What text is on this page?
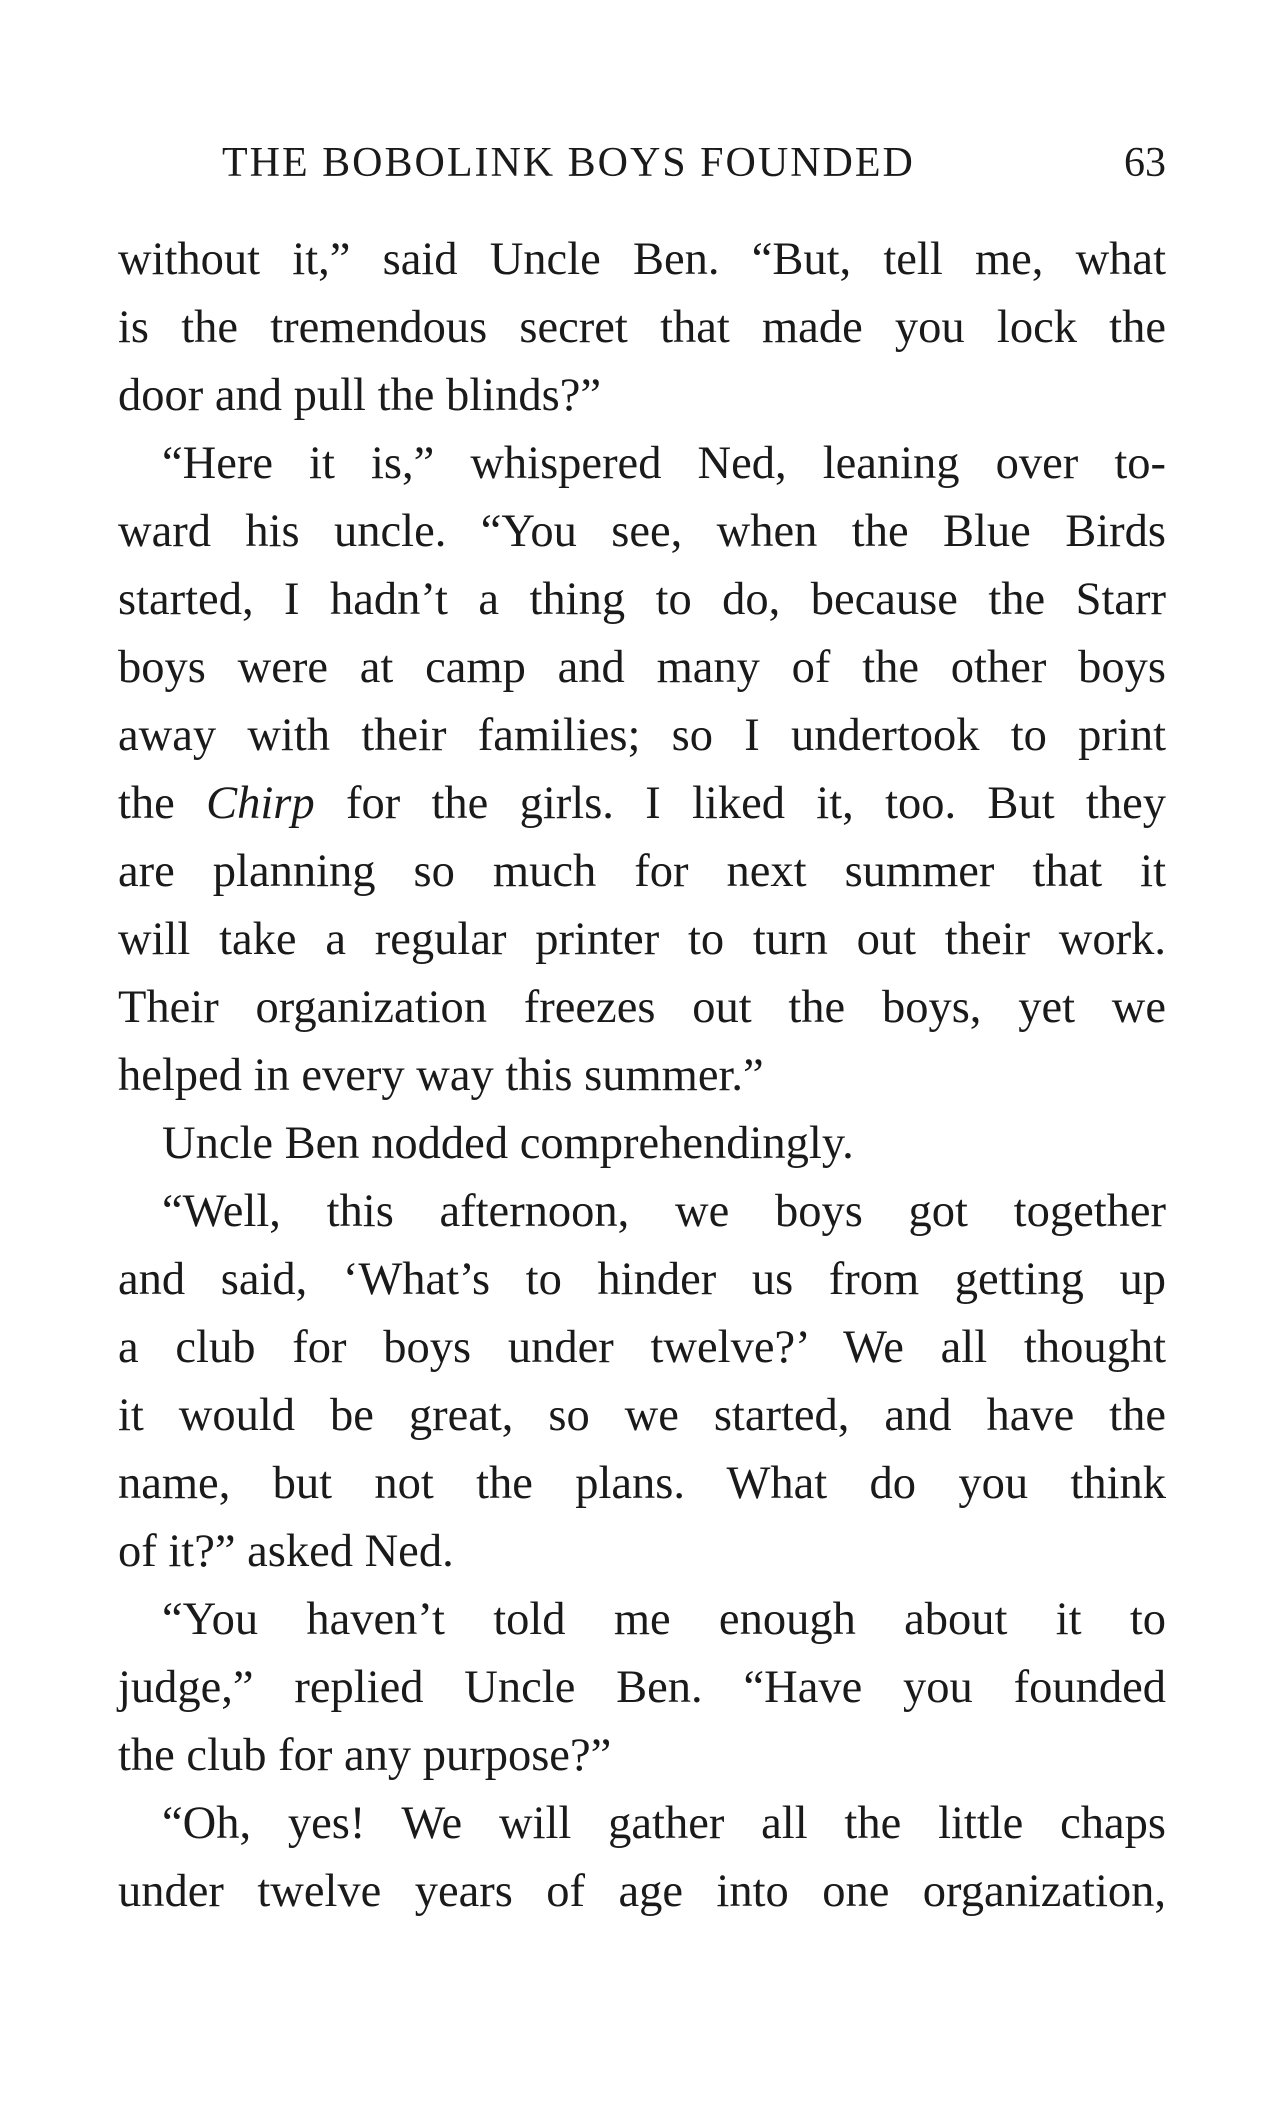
THE BOBOLINK BOYS FOUNDED	63
without it,” said Uncle Ben. “But, tell me, what
is the tremendous secret that made you lock the
door and pull the blinds?”
“Here it is,” whispered Ned, leaning over to-
ward his uncle. “You see, when the Blue Birds
started, I hadn’t a thing to do, because the Starr
boys were at camp and many of the other boys
away with their families; so I undertook to print
the Chirp for the girls. I liked it, too. But they
are planning so much for next summer that it
will take a regular printer to turn out their work.
Their organization freezes out the boys, yet we
helped in every way this summer.”
Uncle Ben nodded comprehendingly.
“Well, this afternoon, we boys got together
and said, ‘What’s to hinder us from getting up
a club for boys under twelve?’ We all thought
it would be great, so we started, and have the
name, but not the plans. What do you think
of it?” asked Ned.
“You haven’t told me enough about it to
judge,” replied Uncle Ben. “Have you founded
the club for any purpose?”
“Oh, yes! We will gather all the little chaps
under twelve years of age into one organization,
